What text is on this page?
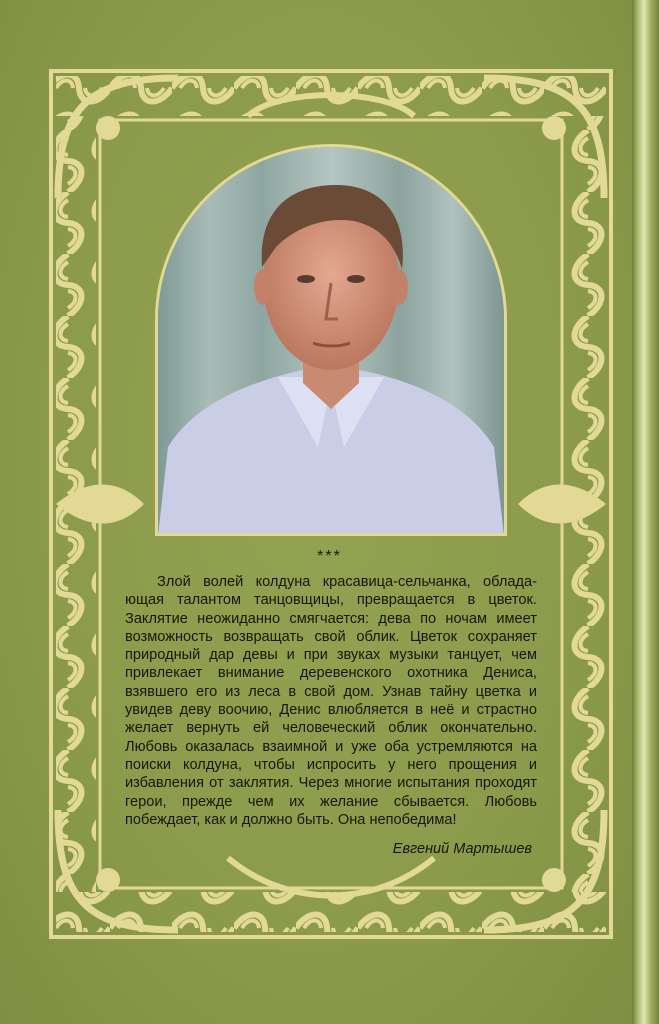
***

Злой волей колдуна красавица-сельчанка, обладающая талантом танцовщицы, превращается в цветок. Заклятие неожиданно смягчается: дева по ночам имеет возможность возвращать свой облик. Цветок сохраняет природный дар девы и при звуках музыки танцует, чем привлекает внимание деревенского охотника Дениса, взявшего его из леса в свой дом. Узнав тайну цветка и увидев деву воочию, Денис влюбляется в неё и страстно желает вернуть ей человеческий облик окончательно. Любовь оказалась взаимной и уже оба устремляются на поиски колдуна, чтобы испросить у него прощения и избавления от заклятия. Через многие испытания проходят герои, прежде чем их желание сбывается. Любовь побеждает, как и должно быть. Она непобедима!

Евгений Мартышев
